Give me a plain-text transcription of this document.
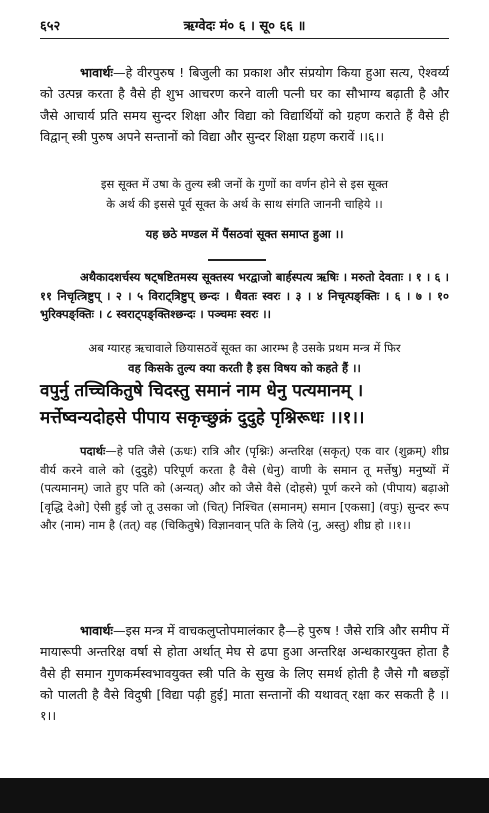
६५२	ऋग्वेदः मं० ६ । सू० ६६ ॥
भावार्थः—हे वीरपुरुष ! बिजुली का प्रकाश और संप्रयोग किया हुआ सत्य, ऐश्वर्य्य को उत्पन्न करता है वैसे ही शुभ आचरण करने वाली पत्नी घर का सौभाग्य बढ़ाती है और जैसे आचार्य प्रति समय सुन्दर शिक्षा और विद्या को विद्यार्थियों को ग्रहण कराते हैं वैसे ही विद्वान् स्त्री पुरुष अपने सन्तानों को विद्या और सुन्दर शिक्षा ग्रहण करावें ।।६।।
इस सूक्त में उषा के तुल्य स्त्री जनों के गुणों का वर्णन होने से इस सूक्त
के अर्थ की इससे पूर्व सूक्त के अर्थ के साथ संगति जाननी चाहिये ।।
यह छठे मण्डल में पैंसठवां सूक्त समाप्त हुआ ।।
अथैकादशर्चस्य षट्षष्टितमस्य सूक्तस्य भरद्वाजो बार्हस्पत्य ऋषिः । मरुतो देवताः । १ । ६ । ११ निचृत्त्रिष्टुप् । २ । ५ विराट्त्रिष्टुप् छन्दः । धैवतः स्वरः । ३ । ४ निचृत्पङ्क्तिः । ६ । ७ । १० भुरिक्पङ्क्तिः । ८ स्वराट्पङ्क्तिश्छन्दः । पञ्चमः स्वरः ।।
अब ग्यारह ऋचावाले छियासठवें सूक्त का आरम्भ है उसके प्रथम मन्त्र में फिर
वह किसके तुल्य क्या करती है इस विषय को कहते हैं ।।
वपुर्नु तच्चिकितुषे चिदस्तु समानं नाम धेनु पत्यमानम् ।
मर्त्तेष्वन्यदोहसे पीपाय सकृच्छुक्रं दुदुहे पृश्निरूधः ।।१।।
पदार्थः—हे पति जैसे (ऊधः) रात्रि और (पृश्निः) अन्तरिक्ष (सकृत्) एक वार (शुक्रम्) शीघ्र वीर्य करने वाले को (दुदुहे) परिपूर्ण करता है वैसे (धेनु) वाणी के समान तू मर्त्तेषु) मनुष्यों में (पत्यमानम्) जाते हुए पति को (अन्यत्) और को जैसे वैसे (दोहसे) पूर्ण करने को (पीपाय) बढ़ाओ [वृद्धि देओ] ऐसी हुई जो तू उसका जो (चित्) निश्चित (समानम्) समान [एकसा] (वपुः) सुन्दर रूप और (नाम) नाम है (तत्) वह (चिकितुषे) विज्ञानवान् पति के लिये (नु, अस्तु) शीघ्र हो ।।१।।
भावार्थः—इस मन्त्र में वाचकलुप्तोपमालंकार है—हे पुरुष ! जैसे रात्रि और समीप में मायारूपी अन्तरिक्ष वर्षा से होता अर्थात् मेघ से ढपा हुआ अन्तरिक्ष अन्धकारयुक्त होता है वैसे ही समान गुणकर्मस्वभावयुक्त स्त्री पति के सुख के लिए समर्थ होती है जैसे गौ बछड़ों को पालती है वैसे विदुषी [विद्या पढ़ी हुई] माता सन्तानों की यथावत् रक्षा कर सकती है ।।१।।
